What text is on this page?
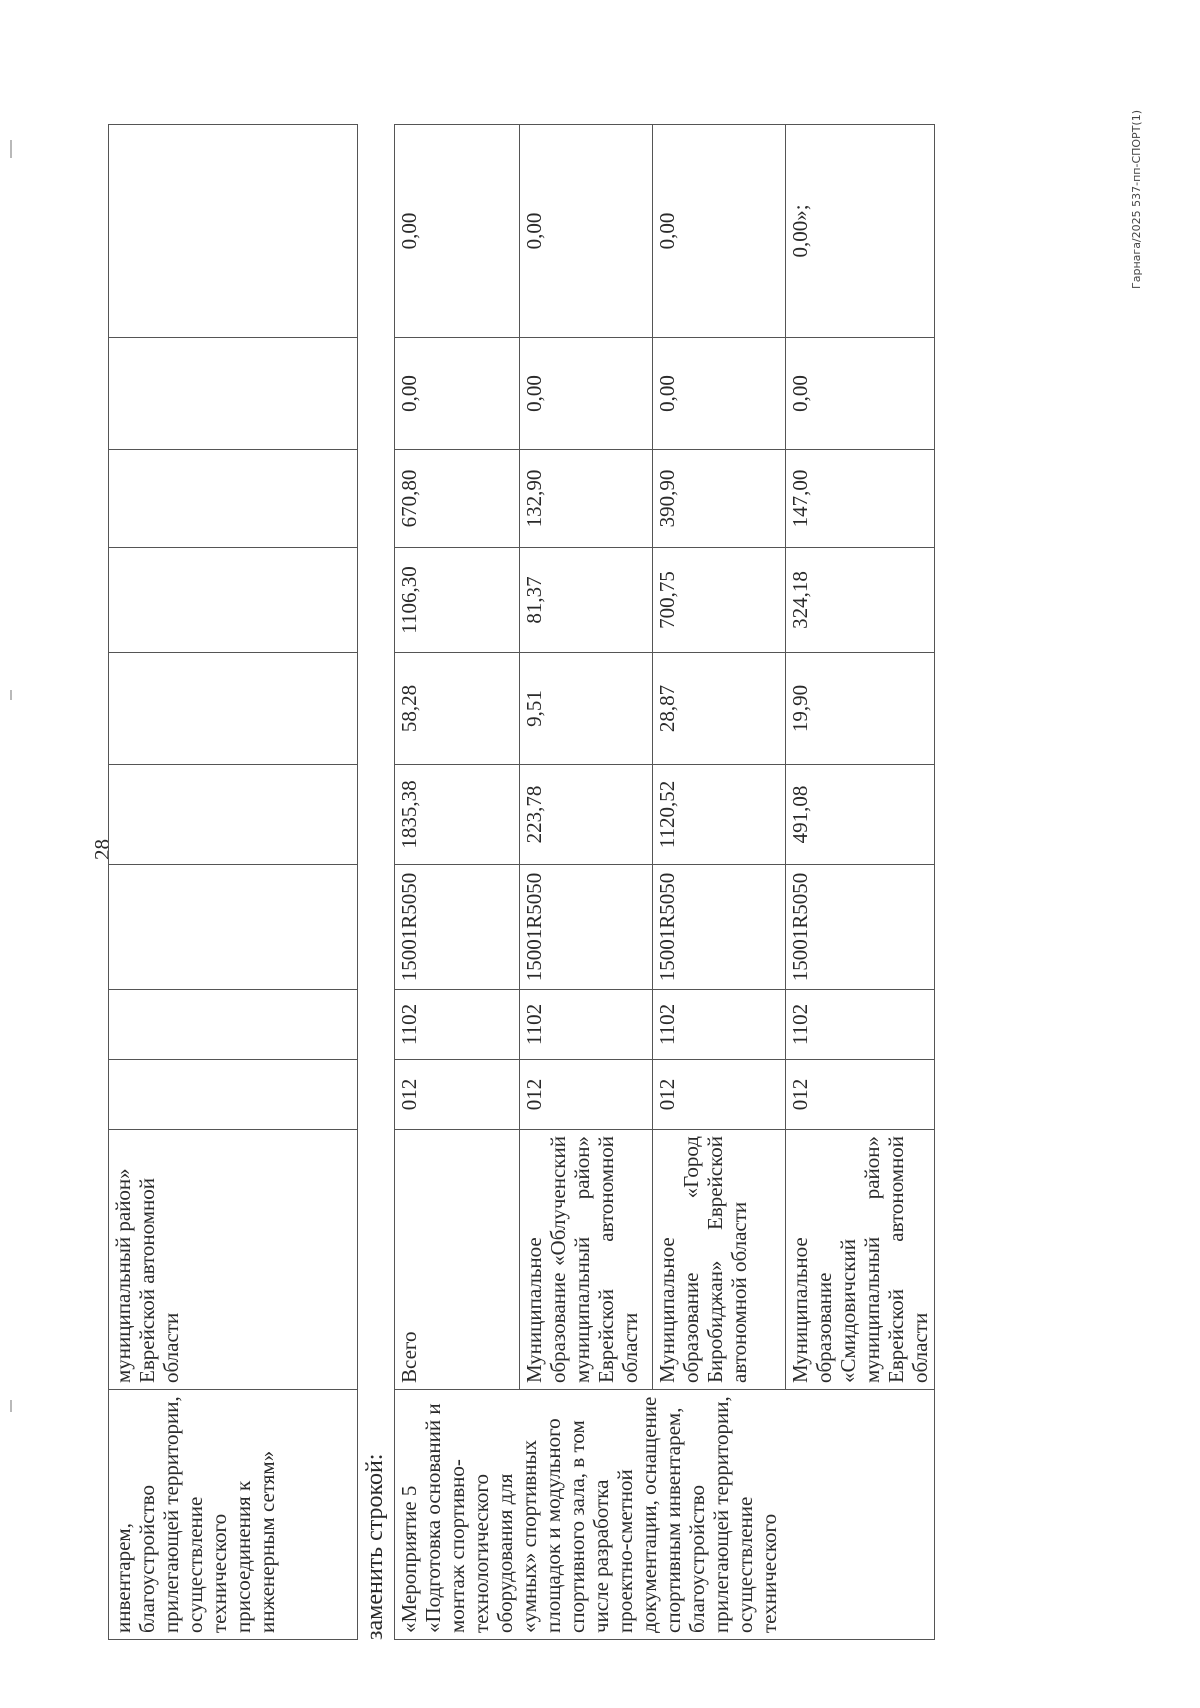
28
инвентарем, благоустройство прилегающей территории, осуществление технического присоединения к инженерным сетям»	муниципальный район» Еврейской автономной области									
заменить строкой: «Мероприятие 5 «Подготовка оснований и монтаж спортивно-технологического оборудования для «умных» спортивных площадок и модульного спортивного зала, в том числе разработка проектно-сметной документации, оснащение спортивным инвентарем, благоустройство прилегающей территории, осуществление технического	Всего	012	1102	15001R5050	1835,38	58,28	1106,30	670,80	0,00	0,00
	Муниципальное образование «Облученский муниципальный район» Еврейской автономной области	012	1102	15001R5050	223,78	9,51	81,37	132,90	0,00	0,00
	Муниципальное образование «Город Биробиджан» Еврейской автономной области	012	1102	15001R5050	1120,52	28,87	700,75	390,90	0,00	0,00
	Муниципальное образование «Смидовичский муниципальный район» Еврейской автономной области	012	1102	15001R5050	491,08	19,90	324,18	147,00	0,00	0,00»;	Гарнага/2025 537-пп-СПОРТ(1)
